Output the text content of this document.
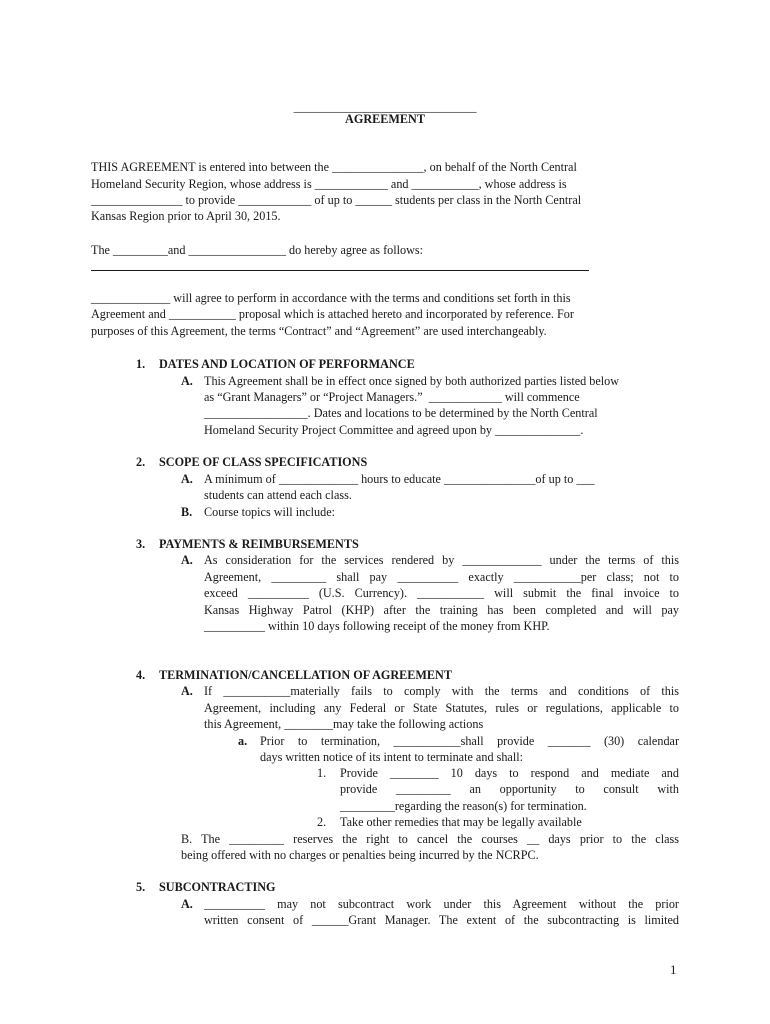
______________________________
AGREEMENT
THIS AGREEMENT is entered into between the _______________, on behalf of the North Central
Homeland Security Region, whose address is ____________ and ___________, whose address is
_______________ to provide ____________ of up to ______ students per class in the North Central
Kansas Region prior to April 30, 2015.
The _________and ________________ do hereby agree as follows:
_____________ will agree to perform in accordance with the terms and conditions set forth in this
Agreement and ___________ proposal which is attached hereto and incorporated by reference. For
purposes of this Agreement, the terms “Contract” and “Agreement” are used interchangeably.
1. DATES AND LOCATION OF PERFORMANCE
A. This Agreement shall be in effect once signed by both authorized parties listed below
as “Grant Managers” or “Project Managers.”  ____________ will commence
_________________. Dates and locations to be determined by the North Central
Homeland Security Project Committee and agreed upon by ______________.
2. SCOPE OF CLASS SPECIFICATIONS
A. A minimum of _____________ hours to educate _______________of up to ___
students can attend each class.
B. Course topics will include:
3. PAYMENTS & REIMBURSEMENTS
A. As consideration for the services rendered by _____________ under the terms of this
Agreement, _________ shall pay __________ exactly ___________per class; not to
exceed __________ (U.S. Currency). ___________ will submit the final invoice to
Kansas Highway Patrol (KHP) after the training has been completed and will pay
__________ within 10 days following receipt of the money from KHP.
4. TERMINATION/CANCELLATION OF AGREEMENT
A. If ___________materially fails to comply with the terms and conditions of this
Agreement, including any Federal or State Statutes, rules or regulations, applicable to
this Agreement, ________may take the following actions
a. Prior to termination, ___________shall provide _______ (30) calendar
days written notice of its intent to terminate and shall:
1. Provide ________ 10 days to respond and mediate and
provide _________ an opportunity to consult with
_________regarding the reason(s) for termination.
2. Take other remedies that may be legally available
B. The _________ reserves the right to cancel the courses __ days prior to the class
being offered with no charges or penalties being incurred by the NCRPC.
5. SUBCONTRACTING
A. __________ may not subcontract work under this Agreement without the prior
written consent of ______Grant Manager. The extent of the subcontracting is limited
1
